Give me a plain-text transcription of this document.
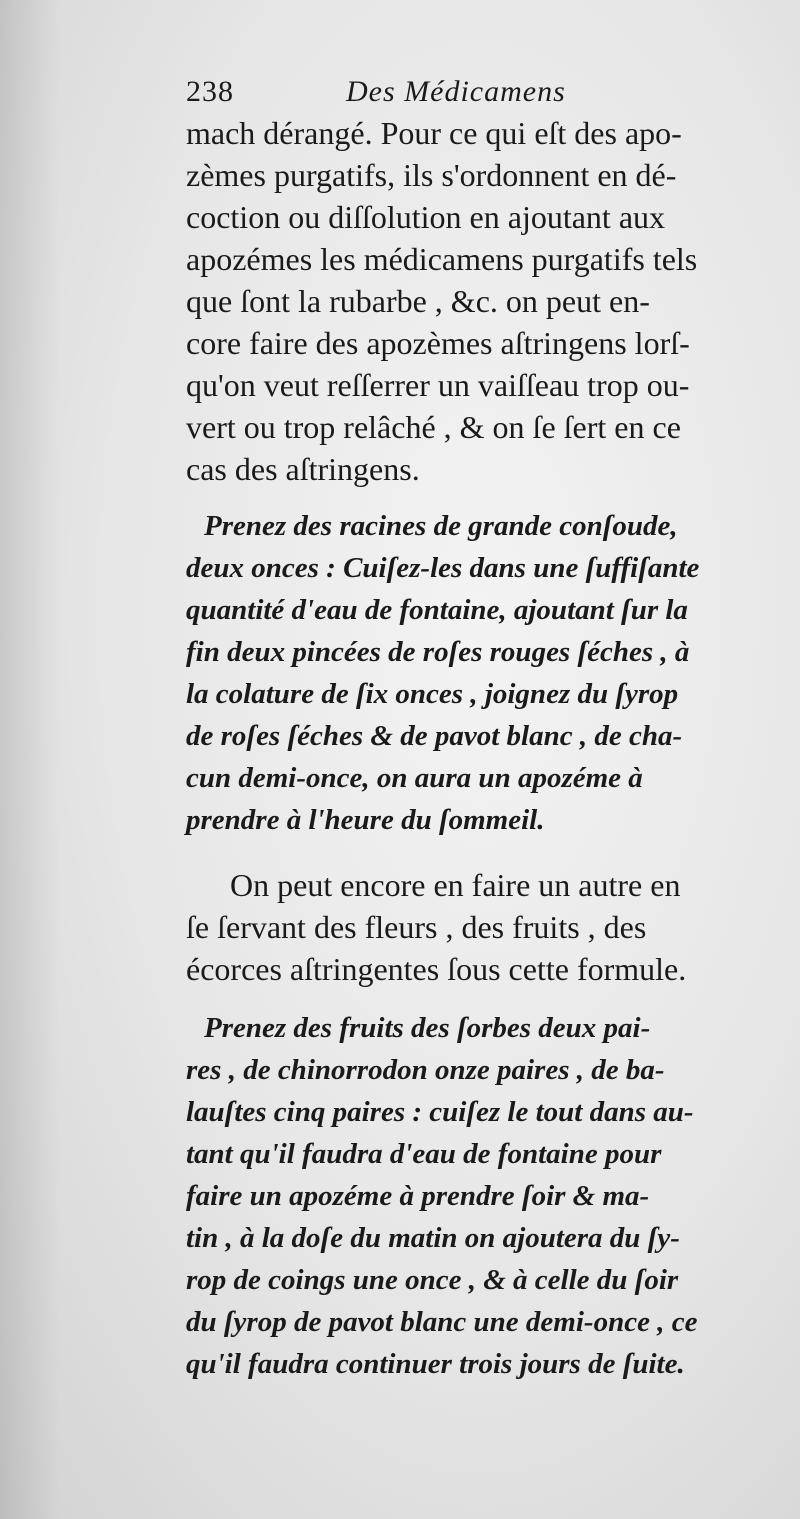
238	Des Médicamens
mach dérangé. Pour ce qui eſt des apo-
zèmes purgatifs, ils s'ordonnent en dé-
coction ou diſſolution en ajoutant aux
apozémes les médicamens purgatifs tels
que ſont la rubarbe , &c. on peut en-
core faire des apozèmes aſtringens lorſ-
qu'on veut reſſerrer un vaiſſeau trop ou-
vert ou trop relâché , & on ſe ſert en ce
cas des aſtringens.
Prenez des racines de grande conſoude,
deux onces : Cuiſez-les dans une ſuffiſante
quantité d'eau de fontaine, ajoutant ſur la
fin deux pincées de roſes rouges ſéches , à
la colature de ſix onces , joignez du ſyrop
de roſes ſéches & de pavot blanc , de cha-
cun demi-once, on aura un apozéme à
prendre à l'heure du ſommeil.
On peut encore en faire un autre en
ſe ſervant des fleurs , des fruits , des
écorces aſtringentes ſous cette formule.
Prenez des fruits des ſorbes deux pai-
res , de chinorrodon onze paires , de ba-
lauſtes cinq paires : cuiſez le tout dans au-
tant qu'il faudra d'eau de fontaine pour
faire un apozéme à prendre ſoir & ma-
tin , à la doſe du matin on ajoutera du ſy-
rop de coings une once , & à celle du ſoir
du ſyrop de pavot blanc une demi-once , ce
qu'il faudra continuer trois jours de ſuite.
